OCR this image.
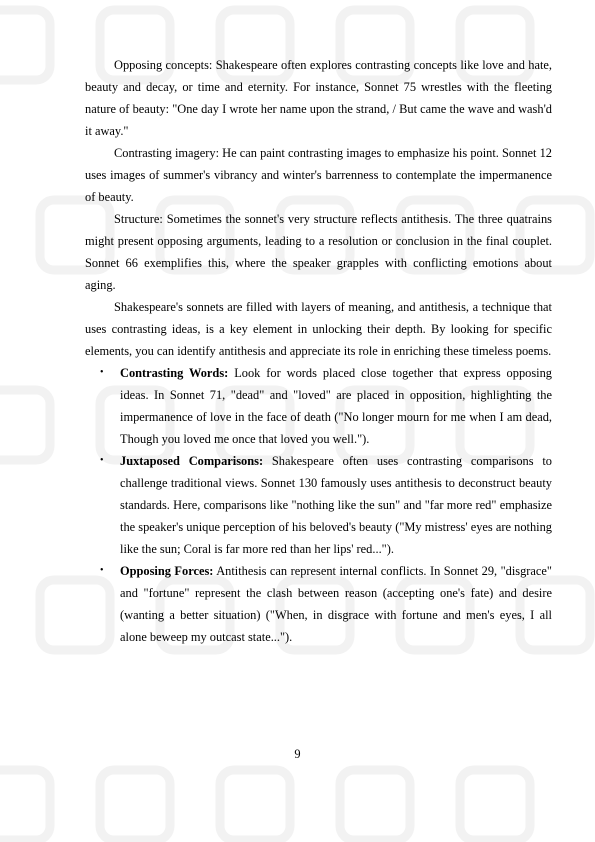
Opposing concepts: Shakespeare often explores contrasting concepts like love and hate, beauty and decay, or time and eternity. For instance, Sonnet 75 wrestles with the fleeting nature of beauty: "One day I wrote her name upon the strand, / But came the wave and wash'd it away."

Contrasting imagery: He can paint contrasting images to emphasize his point. Sonnet 12 uses images of summer's vibrancy and winter's barrenness to contemplate the impermanence of beauty.

Structure: Sometimes the sonnet's very structure reflects antithesis. The three quatrains might present opposing arguments, leading to a resolution or conclusion in the final couplet. Sonnet 66 exemplifies this, where the speaker grapples with conflicting emotions about aging.

Shakespeare's sonnets are filled with layers of meaning, and antithesis, a technique that uses contrasting ideas, is a key element in unlocking their depth. By looking for specific elements, you can identify antithesis and appreciate its role in enriching these timeless poems.

• Contrasting Words: Look for words placed close together that express opposing ideas. In Sonnet 71, "dead" and "loved" are placed in opposition, highlighting the impermanence of love in the face of death ("No longer mourn for me when I am dead, Though you loved me once that loved you well.").
• Juxtaposed Comparisons: Shakespeare often uses contrasting comparisons to challenge traditional views. Sonnet 130 famously uses antithesis to deconstruct beauty standards. Here, comparisons like "nothing like the sun" and "far more red" emphasize the speaker's unique perception of his beloved's beauty ("My mistress' eyes are nothing like the sun; Coral is far more red than her lips' red...").
• Opposing Forces: Antithesis can represent internal conflicts. In Sonnet 29, "disgrace" and "fortune" represent the clash between reason (accepting one's fate) and desire (wanting a better situation) ("When, in disgrace with fortune and men's eyes, I all alone beweep my outcast state...").
9
